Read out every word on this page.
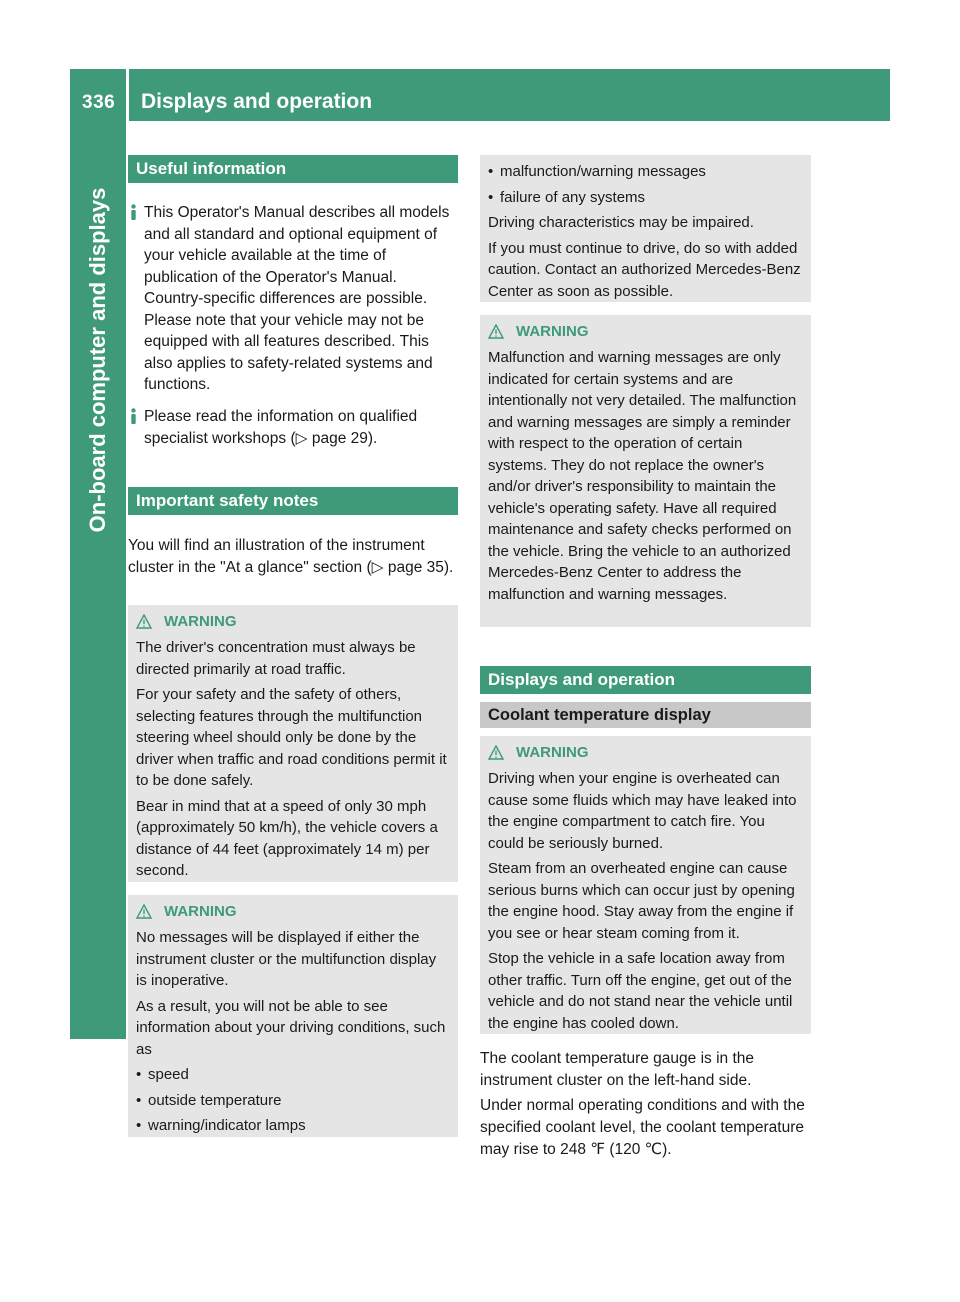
336 Displays and operation
On-board computer and displays
Useful information
This Operator's Manual describes all models and all standard and optional equipment of your vehicle available at the time of publication of the Operator's Manual. Country-specific differences are possible. Please note that your vehicle may not be equipped with all features described. This also applies to safety-related systems and functions.
Please read the information on qualified specialist workshops (▷ page 29).
Important safety notes
You will find an illustration of the instrument cluster in the "At a glance" section (▷ page 35).
WARNING
The driver's concentration must always be directed primarily at road traffic.
For your safety and the safety of others, selecting features through the multifunction steering wheel should only be done by the driver when traffic and road conditions permit it to be done safely.
Bear in mind that at a speed of only 30 mph (approximately 50 km/h), the vehicle covers a distance of 44 feet (approximately 14 m) per second.
WARNING
No messages will be displayed if either the instrument cluster or the multifunction display is inoperative.
As a result, you will not be able to see information about your driving conditions, such as
• speed
• outside temperature
• warning/indicator lamps
• malfunction/warning messages
• failure of any systems
Driving characteristics may be impaired.
If you must continue to drive, do so with added caution. Contact an authorized Mercedes-Benz Center as soon as possible.
WARNING
Malfunction and warning messages are only indicated for certain systems and are intentionally not very detailed. The malfunction and warning messages are simply a reminder with respect to the operation of certain systems. They do not replace the owner's and/or driver's responsibility to maintain the vehicle's operating safety. Have all required maintenance and safety checks performed on the vehicle. Bring the vehicle to an authorized Mercedes-Benz Center to address the malfunction and warning messages.
Displays and operation
Coolant temperature display
WARNING
Driving when your engine is overheated can cause some fluids which may have leaked into the engine compartment to catch fire. You could be seriously burned.
Steam from an overheated engine can cause serious burns which can occur just by opening the engine hood. Stay away from the engine if you see or hear steam coming from it.
Stop the vehicle in a safe location away from other traffic. Turn off the engine, get out of the vehicle and do not stand near the vehicle until the engine has cooled down.
The coolant temperature gauge is in the instrument cluster on the left-hand side.
Under normal operating conditions and with the specified coolant level, the coolant temperature may rise to 248 ℉ (120 ℃).
